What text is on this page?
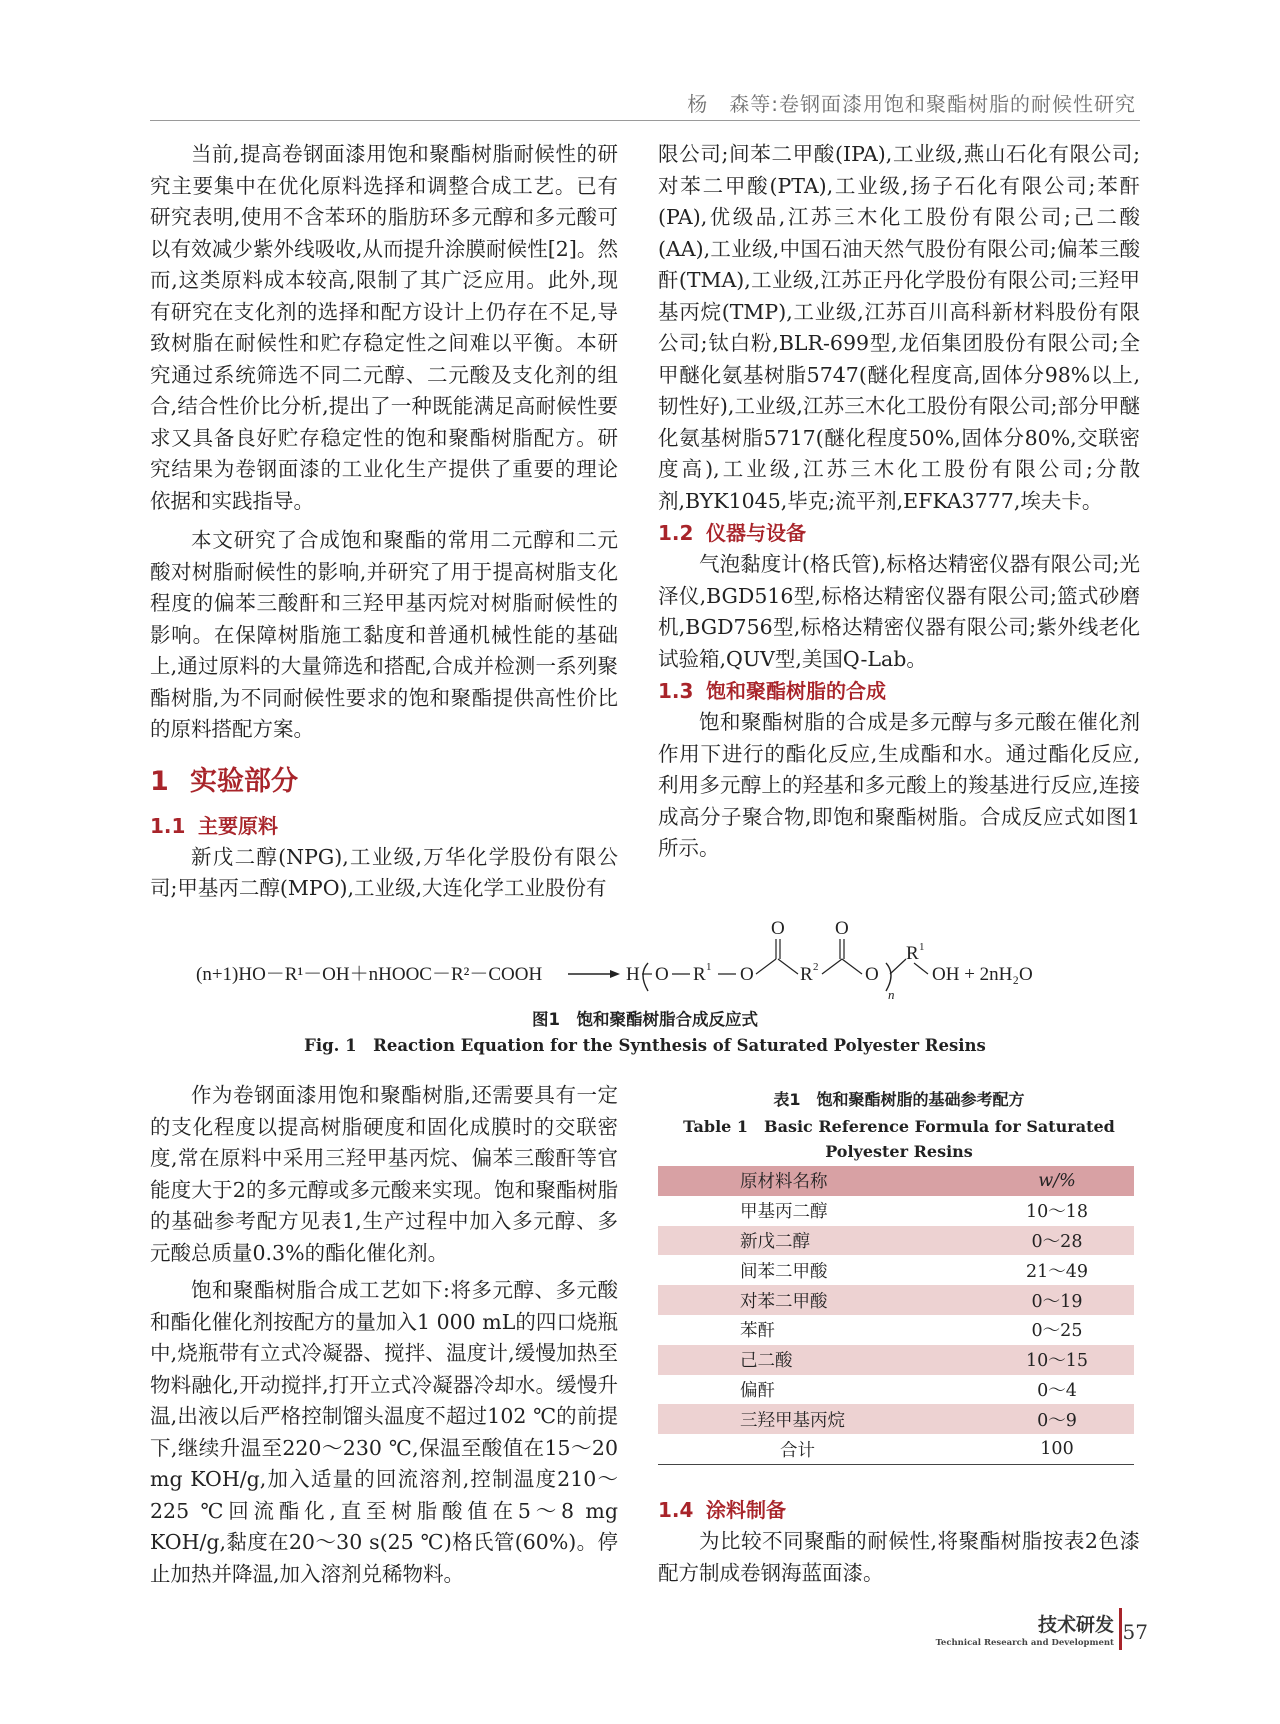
杨　森等:卷钢面漆用饱和聚酯树脂的耐候性研究

当前,提高卷钢面漆用饱和聚酯树脂耐候性的研究主要集中在优化原料选择和调整合成工艺。已有研究表明,使用不含苯环的脂肪环多元醇和多元酸可以有效减少紫外线吸收,从而提升涂膜耐候性[2]。然而,这类原料成本较高,限制了其广泛应用。此外,现有研究在支化剂的选择和配方设计上仍存在不足,导致树脂在耐候性和贮存稳定性之间难以平衡。本研究通过系统筛选不同二元醇、二元酸及支化剂的组合,结合性价比分析,提出了一种既能满足高耐候性要求又具备良好贮存稳定性的饱和聚酯树脂配方。研究结果为卷钢面漆的工业化生产提供了重要的理论依据和实践指导。

本文研究了合成饱和聚酯的常用二元醇和二元酸对树脂耐候性的影响,并研究了用于提高树脂支化程度的偏苯三酸酐和三羟甲基丙烷对树脂耐候性的影响。在保障树脂施工黏度和普通机械性能的基础上,通过原料的大量筛选和搭配,合成并检测一系列聚酯树脂,为不同耐候性要求的饱和聚酯提供高性价比的原料搭配方案。

1 实验部分
1.1 主要原料

新戊二醇(NPG),工业级,万华化学股份有限公司;甲基丙二醇(MPO),工业级,大连化学工业股份有

限公司;间苯二甲酸(IPA),工业级,燕山石化有限公司;对苯二甲酸(PTA),工业级,扬子石化有限公司;苯酐(PA),优级品,江苏三木化工股份有限公司;己二酸(AA),工业级,中国石油天然气股份有限公司;偏苯三酸酐(TMA),工业级,江苏正丹化学股份有限公司;三羟甲基丙烷(TMP),工业级,江苏百川高科新材料股份有限公司;钛白粉,BLR-699型,龙佰集团股份有限公司;全甲醚化氨基树脂5747(醚化程度高,固体分98%以上,韧性好),工业级,江苏三木化工股份有限公司;部分甲醚化氨基树脂5717(醚化程度50%,固体分80%,交联密度高),工业级,江苏三木化工股份有限公司;分散剂,BYK1045,毕克;流平剂,EFKA3777,埃夫卡。

1.2 仪器与设备

气泡黏度计(格氏管),标格达精密仪器有限公司;光泽仪,BGD516型,标格达精密仪器有限公司;篮式砂磨机,BGD756型,标格达精密仪器有限公司;紫外线老化试验箱,QUV型,美国Q-Lab。

1.3 饱和聚酯树脂的合成

饱和聚酯树脂的合成是多元醇与多元酸在催化剂作用下进行的酯化反应,生成酯和水。通过酯化反应,利用多元醇上的羟基和多元酸上的羧基进行反应,连接成高分子聚合物,即饱和聚酯树脂。合成反应式如图1所示。

(n+1)HO－R¹－OH＋nHOOC－R²－COOH	H O R 1 O
O
R 2
O
O
n
R 1
OH + 2nH₂O
图1　饱和聚酯树脂合成反应式
Fig. 1　Reaction Equation for the Synthesis of Saturated Polyester Resins

作为卷钢面漆用饱和聚酯树脂,还需要具有一定的支化程度以提高树脂硬度和固化成膜时的交联密度,常在原料中采用三羟甲基丙烷、偏苯三酸酐等官能度大于2的多元醇或多元酸来实现。饱和聚酯树脂的基础参考配方见表1,生产过程中加入多元醇、多元酸总质量0.3%的酯化催化剂。

饱和聚酯树脂合成工艺如下:将多元醇、多元酸和酯化催化剂按配方的量加入1 000 mL的四口烧瓶中,烧瓶带有立式冷凝器、搅拌、温度计,缓慢加热至物料融化,开动搅拌,打开立式冷凝器冷却水。缓慢升温,出液以后严格控制馏头温度不超过102 ℃的前提下,继续升温至220～230 ℃,保温至酸值在15～20 mg KOH/g,加入适量的回流溶剂,控制温度210～225 ℃回流酯化,直至树脂酸值在5～8 mg KOH/g,黏度在20～30 s(25 ℃)格氏管(60%)。停止加热并降温,加入溶剂兑稀物料。

表1　饱和聚酯树脂的基础参考配方
Table 1　Basic Reference Formula for Saturated Polyester Resins
原材料名称	w/%
甲基丙二醇	10～18
新戊二醇	0～28
间苯二甲酸	21～49
对苯二甲酸	0～19
苯酐	0～25
己二酸	10～15
偏酐	0～4
三羟甲基丙烷	0～9
合计	100
1.4 涂料制备

为比较不同聚酯的耐候性,将聚酯树脂按表2色漆配方制成卷钢海蓝面漆。

技术研发
Technical Research and Development 57
